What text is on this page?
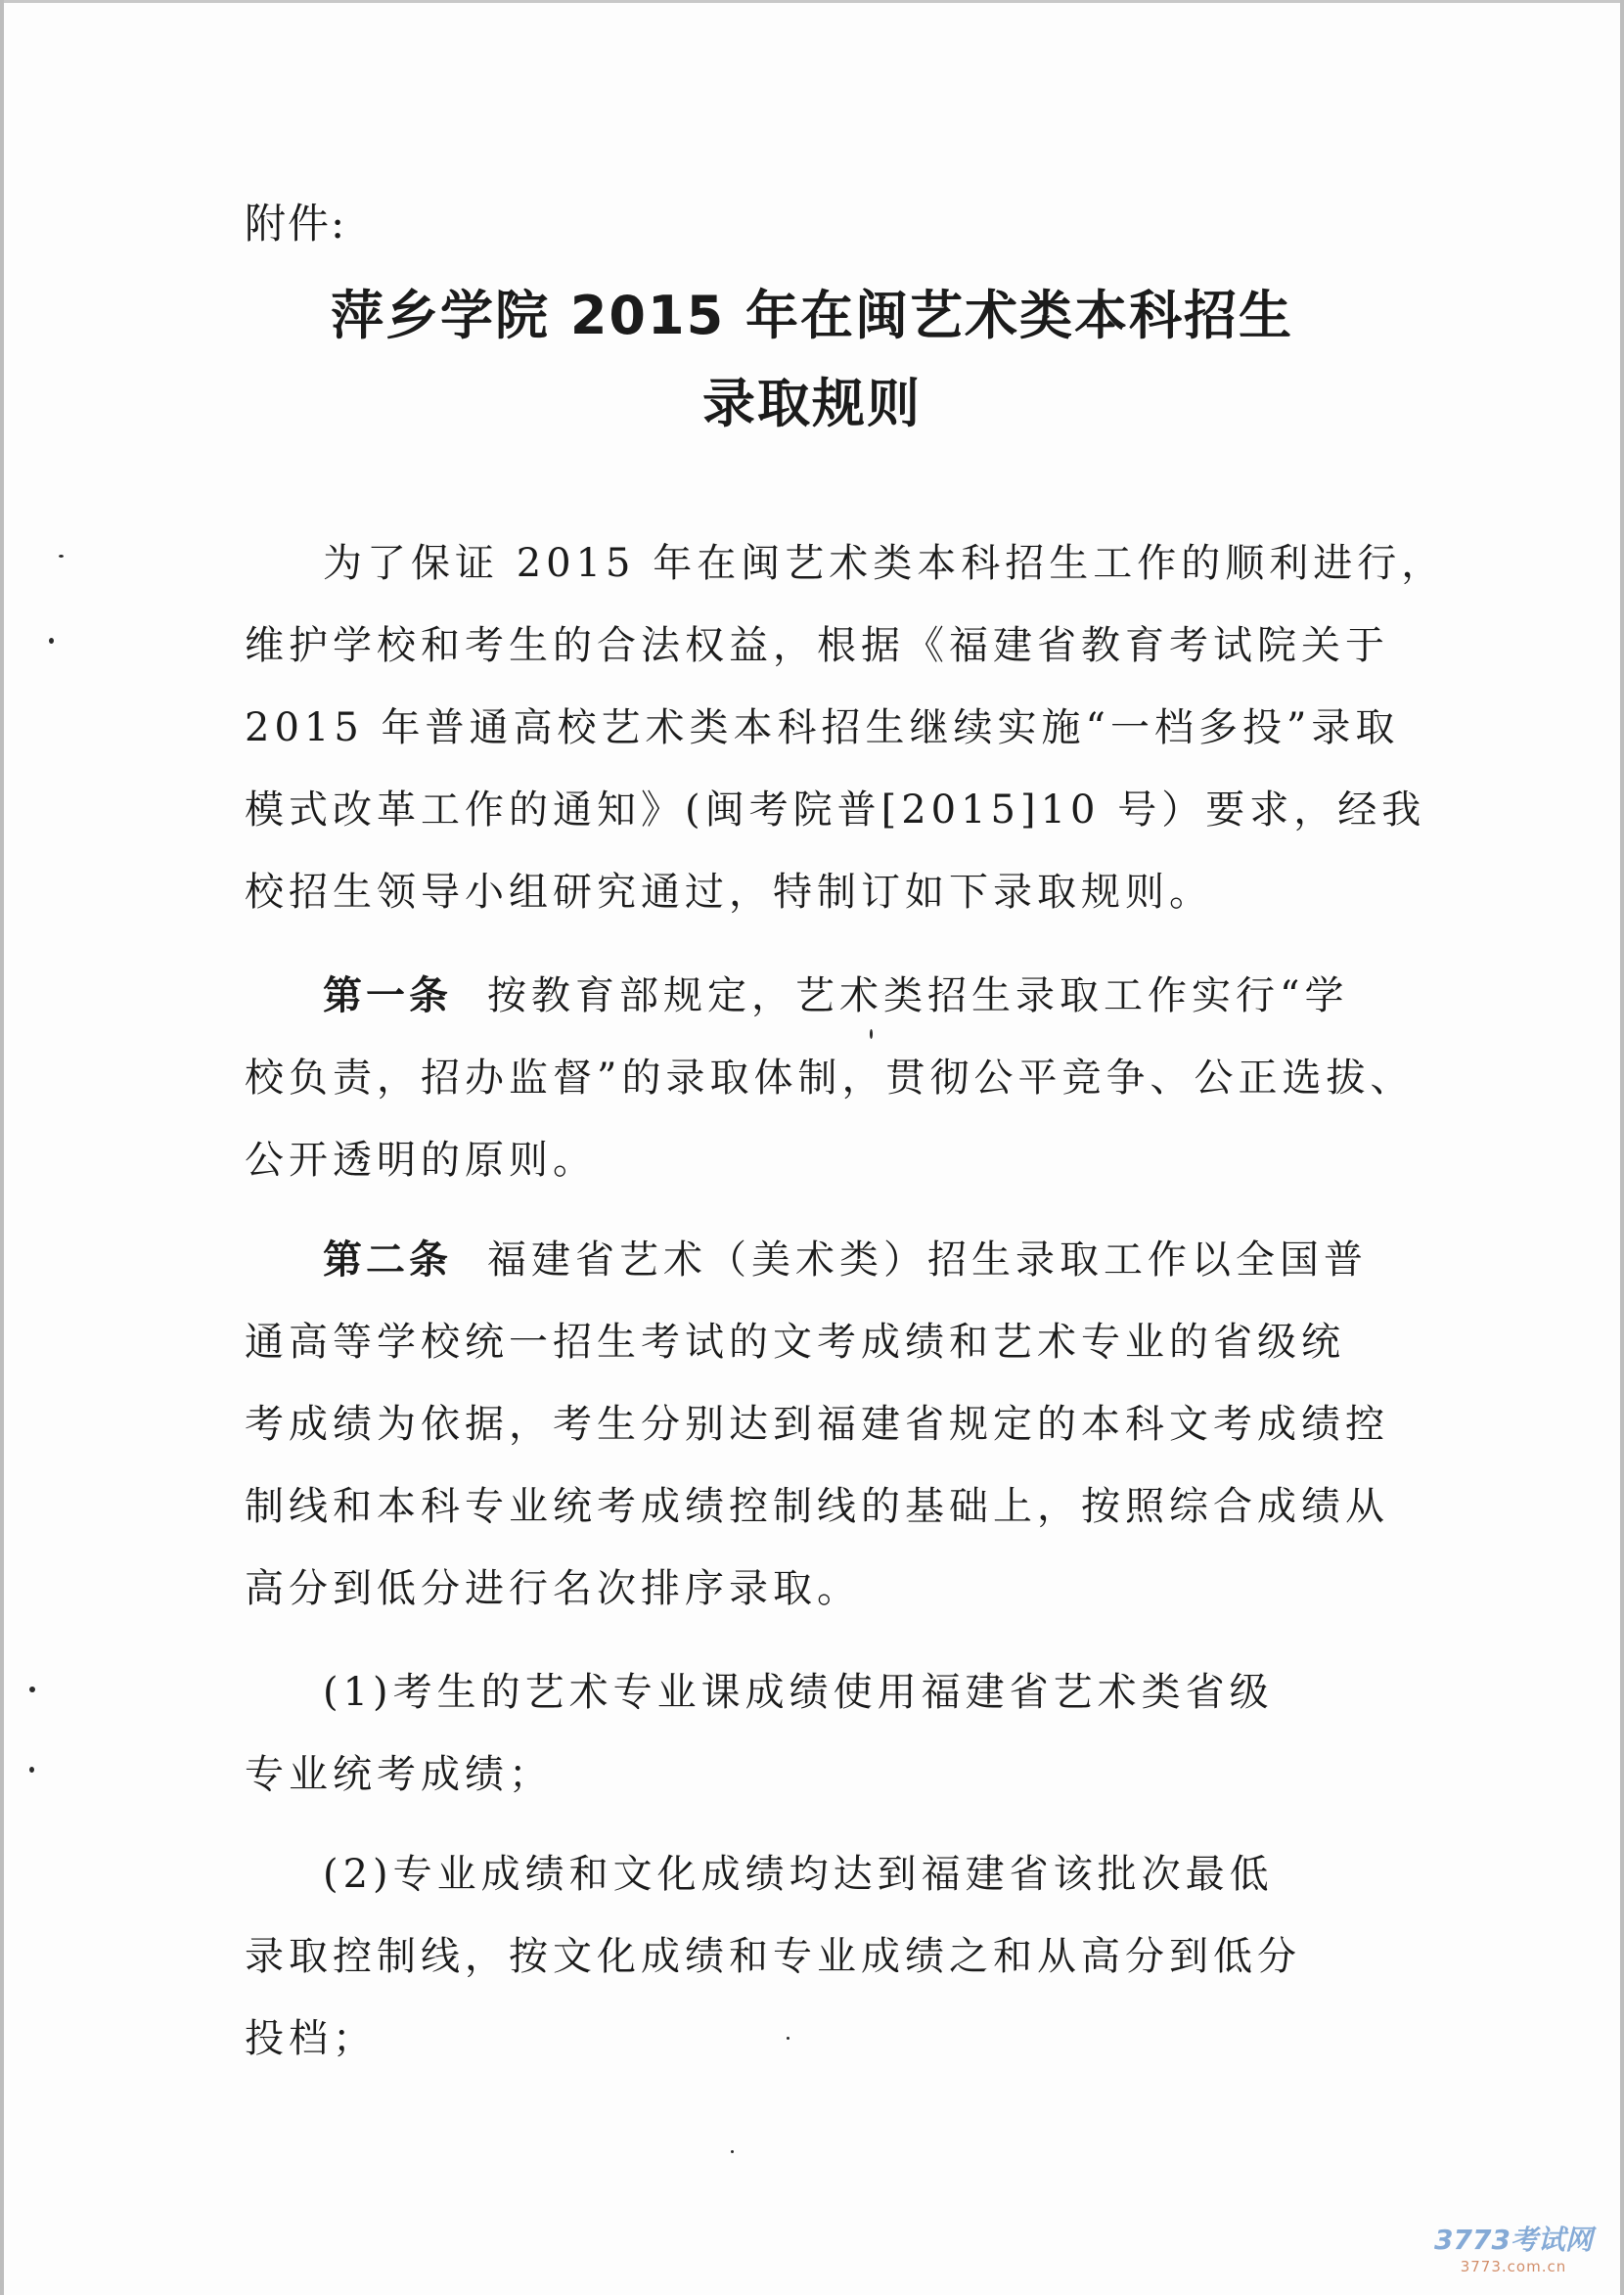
附件:
萍乡学院 2015 年在闽艺术类本科招生
录取规则
为了保证 2015 年在闽艺术类本科招生工作的顺利进行，
维护学校和考生的合法权益，根据《福建省教育考试院关于
2015 年普通高校艺术类本科招生继续实施“一档多投”录取
模式改革工作的通知》(闽考院普[2015]10 号）要求，经我
校招生领导小组研究通过，特制订如下录取规则。
第一条 按教育部规定，艺术类招生录取工作实行“学
校负责，招办监督”的录取体制，贯彻公平竞争、公正选拔、
公开透明的原则。
第二条 福建省艺术（美术类）招生录取工作以全国普
通高等学校统一招生考试的文考成绩和艺术专业的省级统
考成绩为依据，考生分别达到福建省规定的本科文考成绩控
制线和本科专业统考成绩控制线的基础上，按照综合成绩从
高分到低分进行名次排序录取。
(1)考生的艺术专业课成绩使用福建省艺术类省级
专业统考成绩；
(2)专业成绩和文化成绩均达到福建省该批次最低
录取控制线，按文化成绩和专业成绩之和从高分到低分
投档；
3773考试网
3773.com.cn
